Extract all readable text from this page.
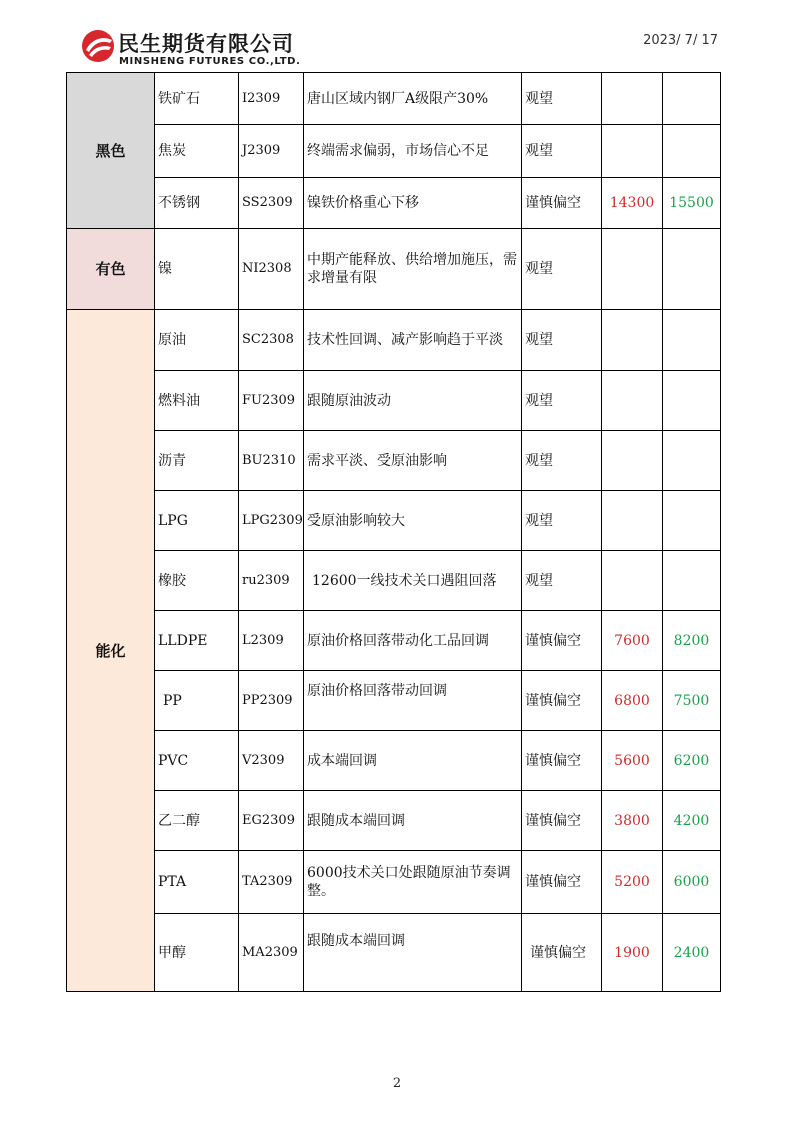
民生期货有限公司
MINSHENG FUTURES CO.,LTD.
2023/ 7/ 17
黑色	铁矿石	I2309	唐山区域内钢厂A级限产30%	观望		
	焦炭	J2309	终端需求偏弱，市场信心不足	观望		
	不锈钢	SS2309	镍铁价格重心下移	谨慎偏空	14300	15500
有色	镍	NI2308	中期产能释放、供给增加施压，需求增量有限	观望		
能化	原油	SC2308	技术性回调、减产影响趋于平淡	观望		
	燃料油	FU2309	跟随原油波动	观望		
	沥青	BU2310	需求平淡、受原油影响	观望		
	LPG	LPG2309	受原油影响较大	观望		
	橡胶	ru2309	12600一线技术关口遇阻回落	观望		
	LLDPE	L2309	原油价格回落带动化工品回调	谨慎偏空	7600	8200
	PP	PP2309	原油价格回落带动回调	谨慎偏空	6800	7500
	PVC	V2309	成本端回调	谨慎偏空	5600	6200
	乙二醇	EG2309	跟随成本端回调	谨慎偏空	3800	4200
	PTA	TA2309	6000技术关口处跟随原油节奏调整。	谨慎偏空	5200	6000
	甲醇	MA2309	跟随成本端回调	谨慎偏空	1900	2400
2
